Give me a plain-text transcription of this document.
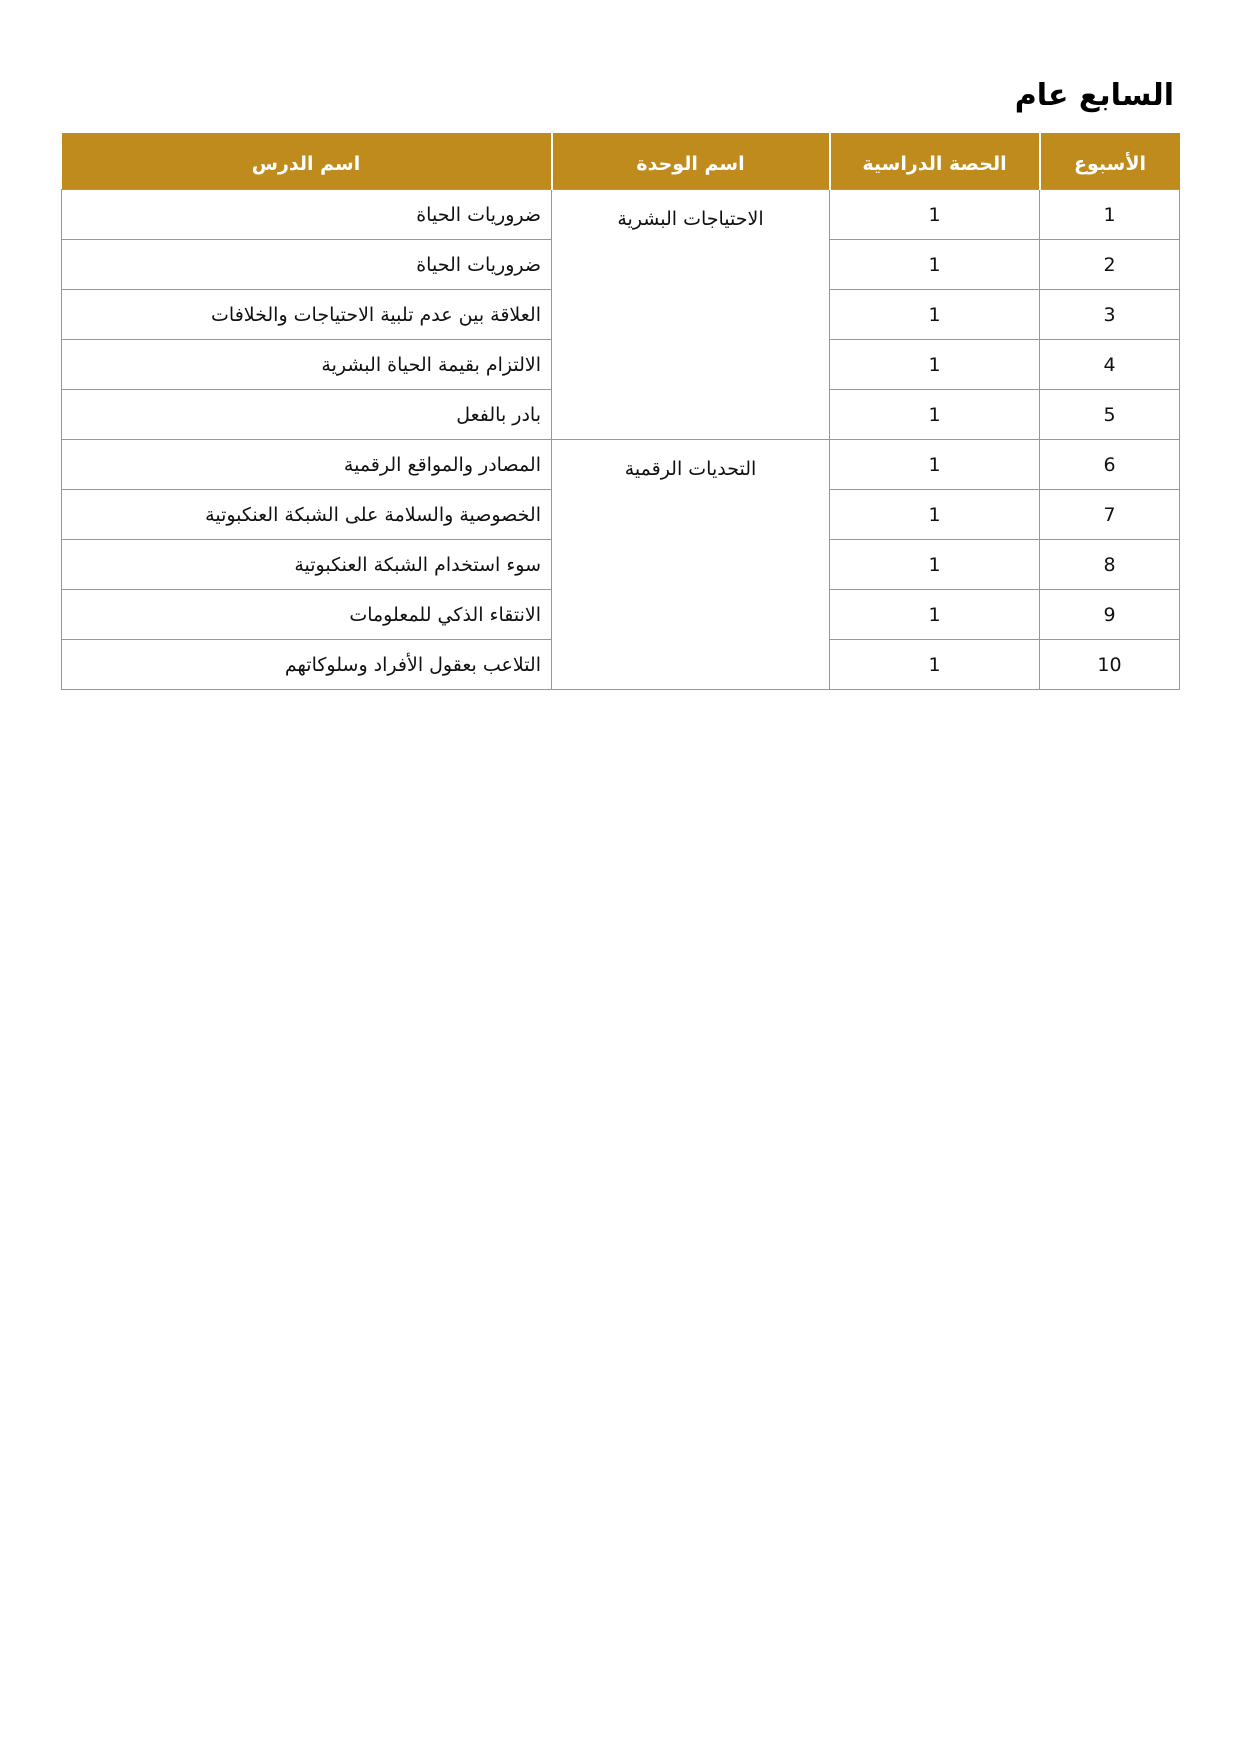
السابع عام
الأسبوع	الحصة الدراسية	اسم الوحدة	اسم الدرس
1	1	الاحتياجات البشرية	ضروريات الحياة
2	1		ضروريات الحياة
3	1		العلاقة بين عدم تلبية الاحتياجات والخلافات
4	1		الالتزام بقيمة الحياة البشرية
5	1		بادر بالفعل
6	1	التحديات الرقمية	المصادر والمواقع الرقمية
7	1		الخصوصية والسلامة على الشبكة العنكبوتية
8	1		سوء استخدام الشبكة العنكبوتية
9	1		الانتقاء الذكي للمعلومات
10	1		التلاعب بعقول الأفراد وسلوكاتهم
